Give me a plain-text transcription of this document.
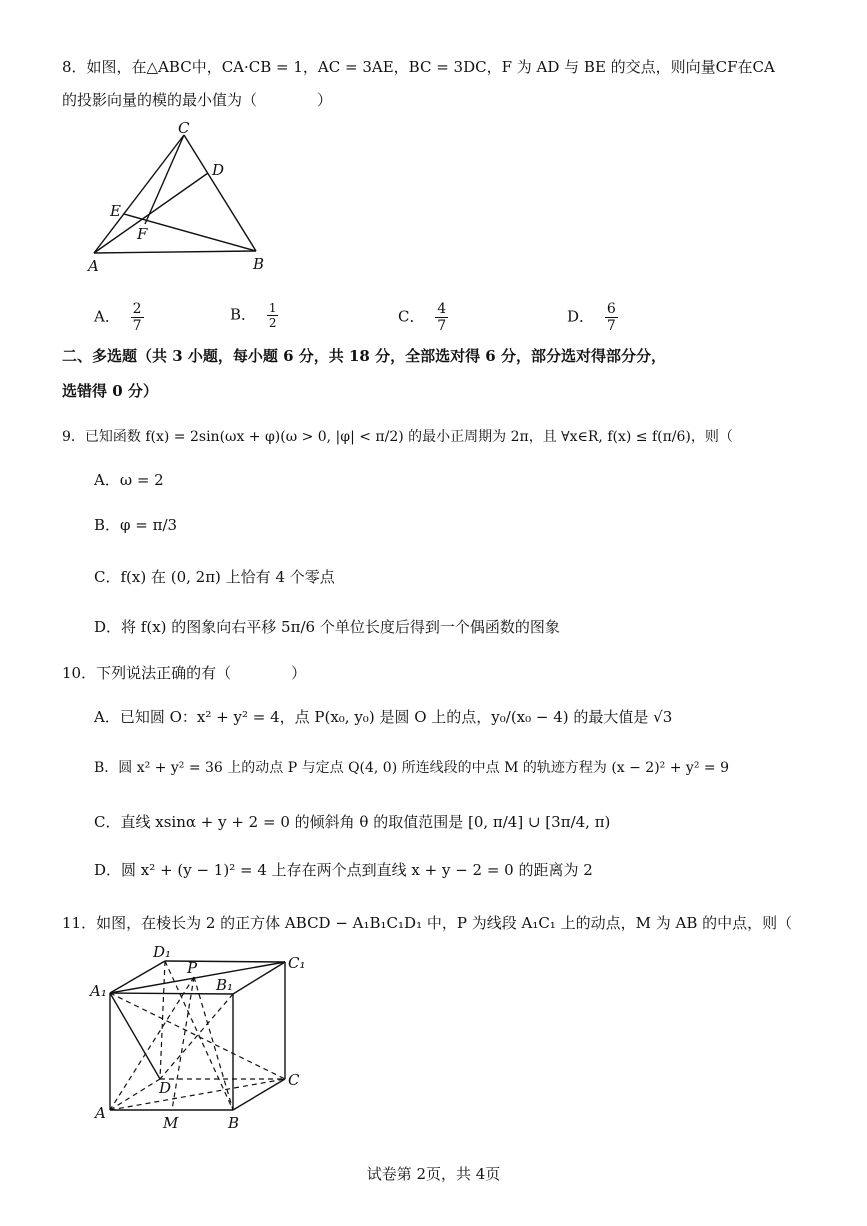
8．如图，在△ABC中，CA·CB = 1，AC = 3AE，BC = 3DC，F 为 AD 与 BE 的交点，则向量CF在CA
的投影向量的模的最小值为（　　　　）
C
D
E
F
A	B
A． $\frac{2}{7}$	B． $\frac{1}{2}$	C． $\frac{4}{7}$	D． $\frac{6}{7}$
二、多选题（共 3 小题，每小题 6 分，共 18 分，全部选对得 6 分，部分选对得部分分，
选错得 0 分）
9．已知函数 f(x) = 2sin(ωx + φ)(ω > 0, |φ| < π/2) 的最小正周期为 2π，且 ∀x∈R, f(x) ≤ f(π/6)，则（
A．ω = 2
B．φ = π/3
C．f(x) 在 (0, 2π) 上恰有 4 个零点
D．将 f(x) 的图象向右平移 5π/6 个单位长度后得到一个偶函数的图象
10．下列说法正确的有（　　　　）
A．已知圆 O：x² + y² = 4，点 P(x₀, y₀) 是圆 O 上的点，y₀/(x₀ − 4) 的最大值是 √3
B．圆 x² + y² = 36 上的动点 P 与定点 Q(4, 0) 所连线段的中点 M 的轨迹方程为 (x − 2)² + y² = 9
C．直线 xsinα + y + 2 = 0 的倾斜角 θ 的取值范围是 [0, π/4] ∪ [3π/4, π)
D．圆 x² + (y − 1)² = 4 上存在两个点到直线 x + y − 2 = 0 的距离为 2
11．如图，在棱长为 2 的正方体 ABCD − A₁B₁C₁D₁ 中，P 为线段 A₁C₁ 上的动点，M 为 AB 的中点，则（
D₁
P	C₁
A₁	B₁
D	C
A
M	B
试卷第 2页，共 4页
